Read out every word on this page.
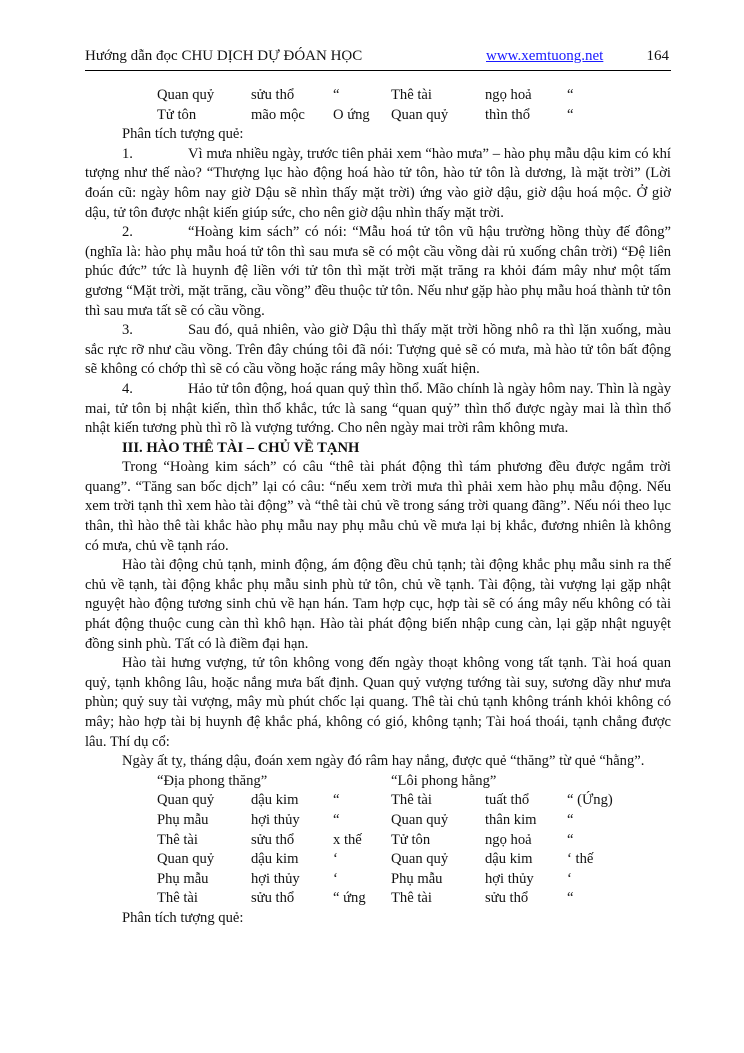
Hướng dẫn đọc CHU DỊCH DỰ ĐÓAN HỌC	www.xemtuong.net	164
	Quan quỷ	sửu thổ	“	Thê tài	ngọ hoả	“
	Tử tôn	mão mộc	O ứng	Quan quỷ	thìn thổ	“

Phân tích tượng quẻ:

1.	Vì mưa nhiều ngày, trước tiên phải xem “hào mưa” – hào phụ mẫu dậu kim có khí tượng như thế nào? “Thượng lục hào động hoá hào tử tôn, hào tử tôn là dương, là mặt trời” (Lời đoán cũ: ngày hôm nay giờ Dậu sẽ nhìn thấy mặt trời) ứng vào giờ dậu, giờ dậu hoá mộc. Ở giờ dậu, tử tôn được nhật kiến giúp sức, cho nên giờ dậu nhìn thấy mặt trời.

2.	“Hoàng kim sách” có nói: “Mẫu hoá tử tôn vũ hậu trường hồng thùy đế đông” (nghĩa là: hào phụ mẫu hoá tử tôn thì sau mưa sẽ có một cầu vồng dài rủ xuống chân trời) “Đệ liên phúc đức” tức là huynh đệ liền với tử tôn thì mặt trời mặt trăng ra khỏi đám mây như một tấm gương “Mặt trời, mặt trăng, cầu vồng” đều thuộc tử tôn. Nếu như gặp hào phụ mẫu hoá thành tử tôn thì sau mưa tất sẽ có cầu vồng.

3.	Sau đó, quả nhiên, vào giờ Dậu thì thấy mặt trời hồng nhô ra thì lặn xuống, màu sắc rực rỡ như cầu vồng. Trên đây chúng tôi đã nói: Tượng quẻ sẽ có mưa, mà hào tử tôn bất động sẽ không có chớp thì sẽ có cầu vồng hoặc ráng mây hồng xuất hiện.

4.	Hảo tử tôn động, hoá quan quỷ thìn thổ. Mão chính là ngày hôm nay. Thìn là ngày mai, tử tôn bị nhật kiến, thìn thổ khắc, tức là sang “quan quỷ” thìn thổ được ngày mai là thìn thổ nhật kiến tương phù thì rõ là vượng tướng. Cho nên ngày mai trời râm không mưa.

III. HÀO THÊ TÀI – CHỦ VỀ TẠNH

Trong “Hoàng kim sách” có câu “thê tài phát động thì tám phương đều được ngắm trời quang”. “Tăng san bốc dịch” lại có câu: “nếu xem trời mưa thì phải xem hào phụ mẫu động. Nếu xem trời tạnh thì xem hào tài động” và “thê tài chủ về trong sáng trời quang đãng”. Nếu nói theo lục thân, thì hào thê tài khắc hào phụ mẫu nay phụ mẫu chủ về mưa lại bị khắc, đương nhiên là không có mưa, chủ về tạnh ráo.

Hào tài động chủ tạnh, minh động, ám động đều chủ tạnh; tài động khắc phụ mẫu sinh ra thế chủ về tạnh, tài động khắc phụ mẫu sinh phù tử tôn, chủ về tạnh. Tài động, tài vượng lại gặp nhật nguyệt hào động tương sinh chủ về hạn hán. Tam hợp cục, hợp tài sẽ có áng mây nếu không có tài phát động thuộc cung càn thì khô hạn. Hào tài phát động biến nhập cung càn, lại gặp nhật nguyệt đồng sinh phù. Tất có là điềm đại hạn.

Hào tài hưng vượng, tử tôn không vong đến ngày thoạt không vong tất tạnh. Tài hoá quan quỷ, tạnh không lâu, hoặc nắng mưa bất định. Quan quỷ vượng tướng tài suy, sương dầy như mưa phùn; quỷ suy tài vượng, mây mù phút chốc lại quang. Thê tài chủ tạnh không tránh khỏi không có mây; hào hợp tài bị huynh đệ khắc phá, không có gió, không tạnh; Tài hoá thoái, tạnh chẳng được lâu. Thí dụ cổ:

Ngày ất tỵ, tháng dậu, đoán xem ngày đó râm hay nắng, được quẻ “thăng” từ quẻ “hằng”.

“Địa phong thăng”	“Lôi phong hằng”
	Quan quỷ	dậu kim	“	Thê tài	tuất thổ	“ (Ứng)
	Phụ mẫu	hợi thủy	“	Quan quỷ	thân kim	“
	Thê tài	sửu thổ	x thế	Tử tôn	ngọ hoả	“
	Quan quỷ	dậu kim	‘	Quan quỷ	dậu kim	‘ thế
	Phụ mẫu	hợi thủy	‘	Phụ mẫu	hợi thủy	‘
	Thê tài	sửu thổ	“ ứng	Thê tài	sửu thổ	“

Phân tích tượng quẻ:
